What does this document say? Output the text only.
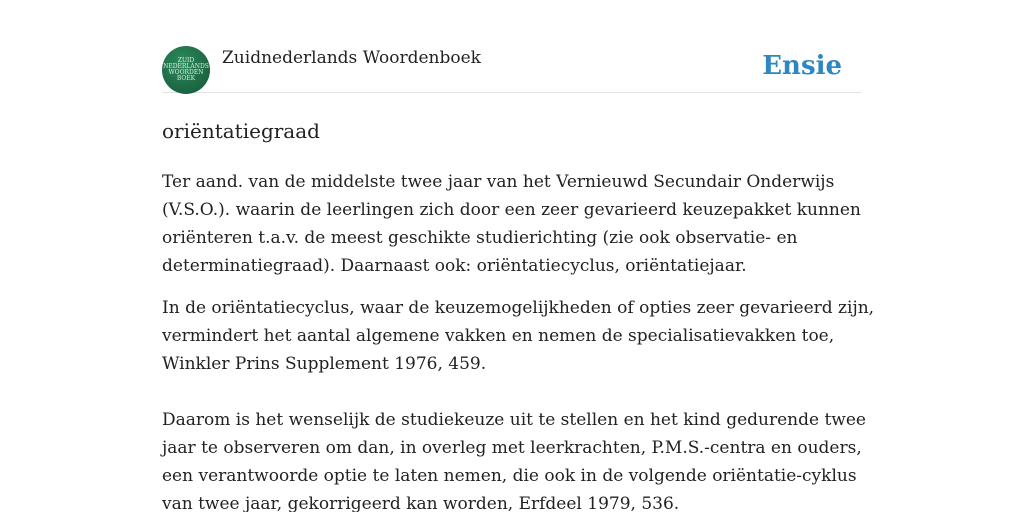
ZUID
NEDERLANDS
WOORDEN
BOEK
Zuidnederlands Woordenboek	Ensie
oriëntatiegraad

Ter aand. van de middelste twee jaar van het Vernieuwd Secundair Onderwijs
(V.S.O.). waarin de leerlingen zich door een zeer gevarieerd keuzepakket kunnen
oriënteren t.a.v. de meest geschikte studierichting (zie ook observatie- en
determinatiegraad). Daarnaast ook: oriëntatiecyclus, oriëntatiejaar.

In de oriëntatiecyclus, waar de keuzemogelijkheden of opties zeer gevarieerd zijn,
vermindert het aantal algemene vakken en nemen de specialisatievakken toe,
Winkler Prins Supplement 1976, 459.

Daarom is het wenselijk de studiekeuze uit te stellen en het kind gedurende twee
jaar te observeren om dan, in overleg met leerkrachten, P.M.S.-centra en ouders,
een verantwoorde optie te laten nemen, die ook in de volgende oriëntatie-cyklus
van twee jaar, gekorrigeerd kan worden, Erfdeel 1979, 536.
